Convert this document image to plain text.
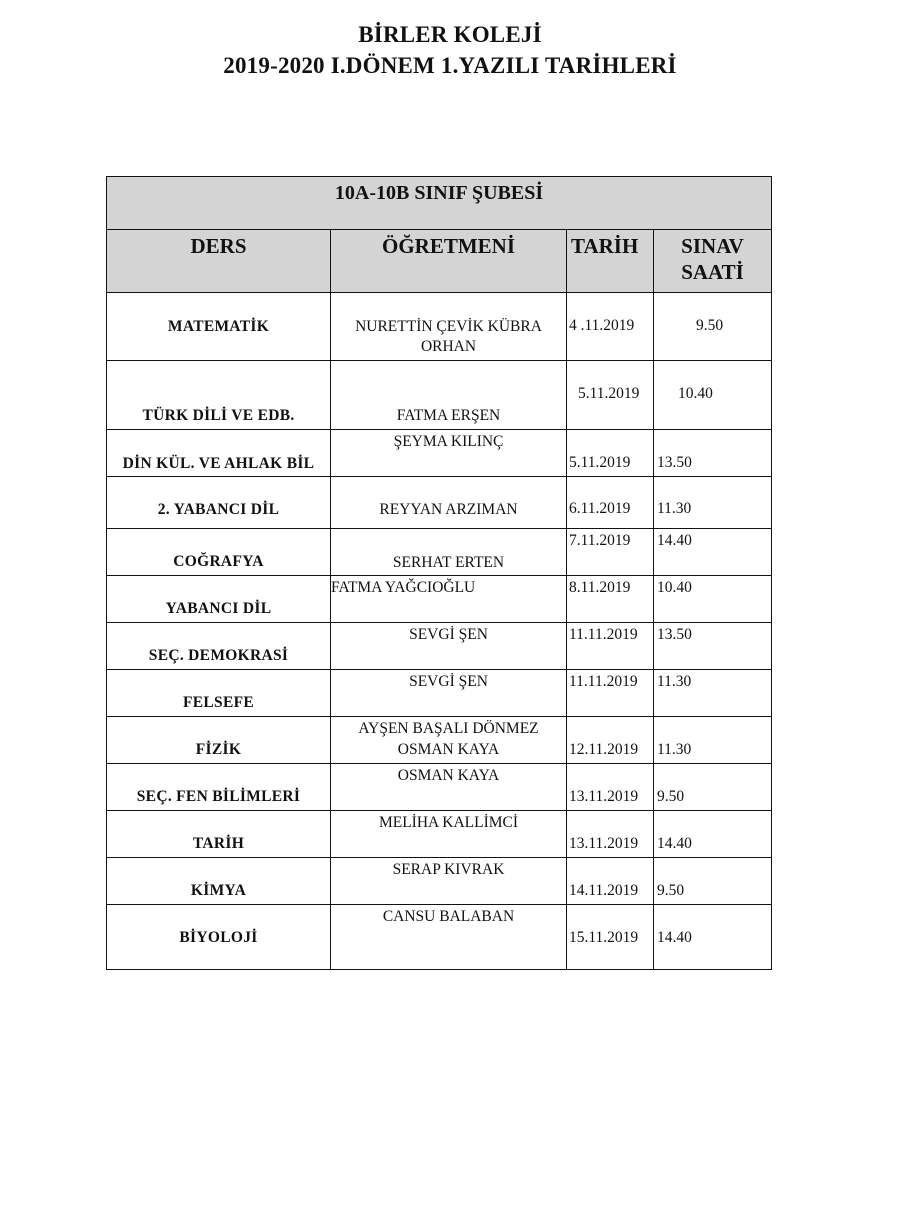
BİRLER KOLEJİ
2019-2020 I.DÖNEM 1.YAZILI TARİHLERİ
10A-10B SINIF ŞUBESİ			
DERS	ÖĞRETMENİ	TARİH	SINAV SAATİ

MATEMATİK	NURETTİN ÇEVİK KÜBRA ORHAN	4 .11.2019	9.50

TÜRK DİLİ VE EDB.	FATMA ERŞEN	5.11.2019	10.40

DİN KÜL. VE AHLAK BİL	ŞEYMA KILINÇ	5.11.2019	13.50

2. YABANCI DİL	REYYAN ARZIMAN	6.11.2019	11.30

COĞRAFYA	SERHAT ERTEN	7.11.2019	14.40

YABANCI DİL	FATMA YAĞCIOĞLU	8.11.2019	10.40

SEÇ. DEMOKRASİ	SEVGİ ŞEN	11.11.2019	13.50

FELSEFE	SEVGİ ŞEN	11.11.2019	11.30

FİZİK	AYŞEN BAŞALI DÖNMEZ OSMAN KAYA	12.11.2019	11.30

SEÇ. FEN BİLİMLERİ	OSMAN KAYA	13.11.2019	9.50

TARİH	MELİHA KALLİMCİ	13.11.2019	14.40

KİMYA	SERAP KIVRAK	14.11.2019	9.50

BİYOLOJİ	CANSU BALABAN	15.11.2019	14.40
